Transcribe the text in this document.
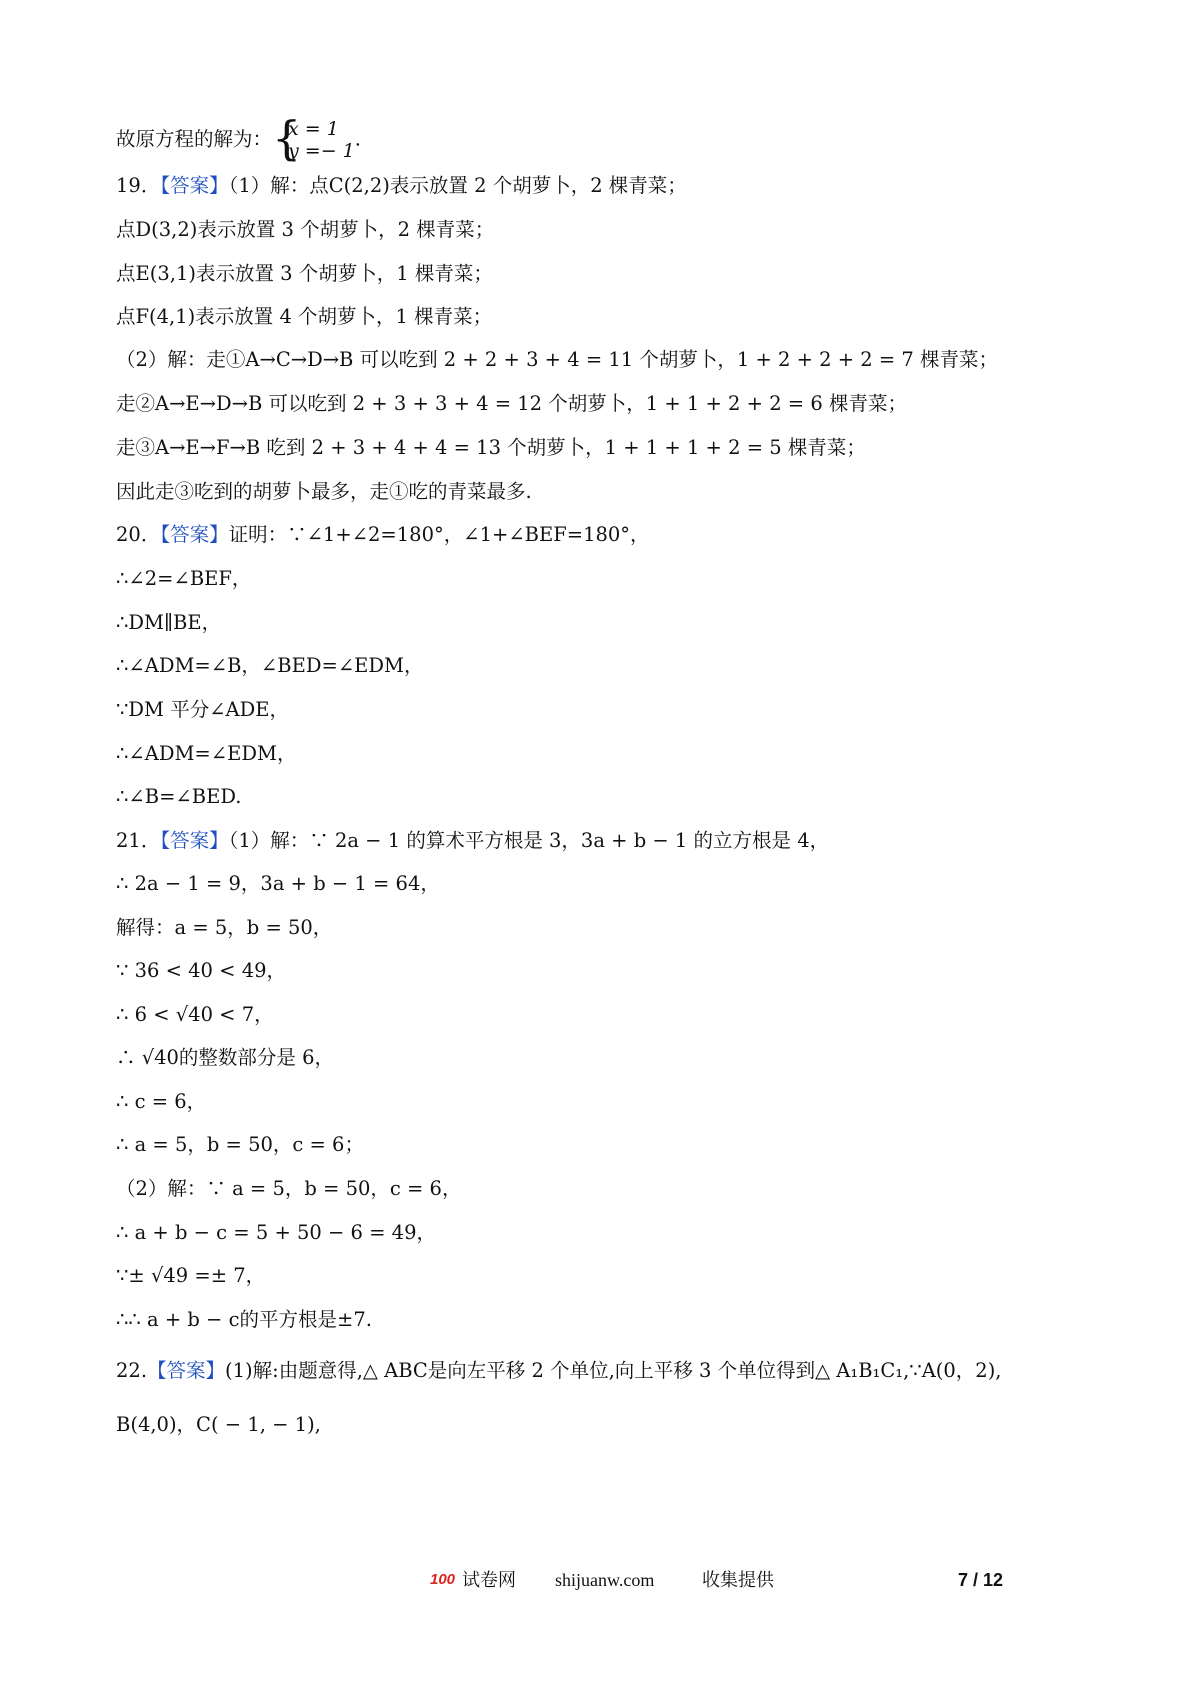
故原方程的解为： {
x = 1
y =− 1
.
19．【答案】（1）解：点C(2,2)表示放置 2 个胡萝卜，2 棵青菜；
点D(3,2)表示放置 3 个胡萝卜，2 棵青菜；
点E(3,1)表示放置 3 个胡萝卜，1 棵青菜；
点F(4,1)表示放置 4 个胡萝卜，1 棵青菜；
（2）解：走①A→C→D→B 可以吃到 2 + 2 + 3 + 4 = 11 个胡萝卜，1 + 2 + 2 + 2 = 7 棵青菜；
走②A→E→D→B 可以吃到 2 + 3 + 3 + 4 = 12 个胡萝卜，1 + 1 + 2 + 2 = 6 棵青菜；
走③A→E→F→B 吃到 2 + 3 + 4 + 4 = 13 个胡萝卜，1 + 1 + 1 + 2 = 5 棵青菜；
因此走③吃到的胡萝卜最多，走①吃的青菜最多.
20．【答案】证明：∵∠1+∠2=180°，∠1+∠BEF=180°，
∴∠2=∠BEF，
∴DM∥BE，
∴∠ADM=∠B，∠BED=∠EDM，
∵DM 平分∠ADE，
∴∠ADM=∠EDM，
∴∠B=∠BED.
21．【答案】（1）解：∵ 2a − 1 的算术平方根是 3，3a + b − 1 的立方根是 4，
∴ 2a − 1 = 9，3a + b − 1 = 64，
解得：a = 5，b = 50，
∵ 36 < 40 < 49，
∴ 6 < √40 < 7，
∴ √40的整数部分是 6，
∴ c = 6，
∴ a = 5，b = 50，c = 6；
（2）解：∵ a = 5，b = 50，c = 6，
∴ a + b − c = 5 + 50 − 6 = 49，
∵± √49 =± 7，
∴∴ a + b − c的平方根是±7.
22.【答案】(1)解:由题意得,△ ABC是向左平移 2 个单位,向上平移 3 个单位得到△ A₁B₁C₁,∵A(0，2),
B(4,0)，C( − 1, − 1),
100 试卷网 shijuanw.com	收集提供	7 / 12
